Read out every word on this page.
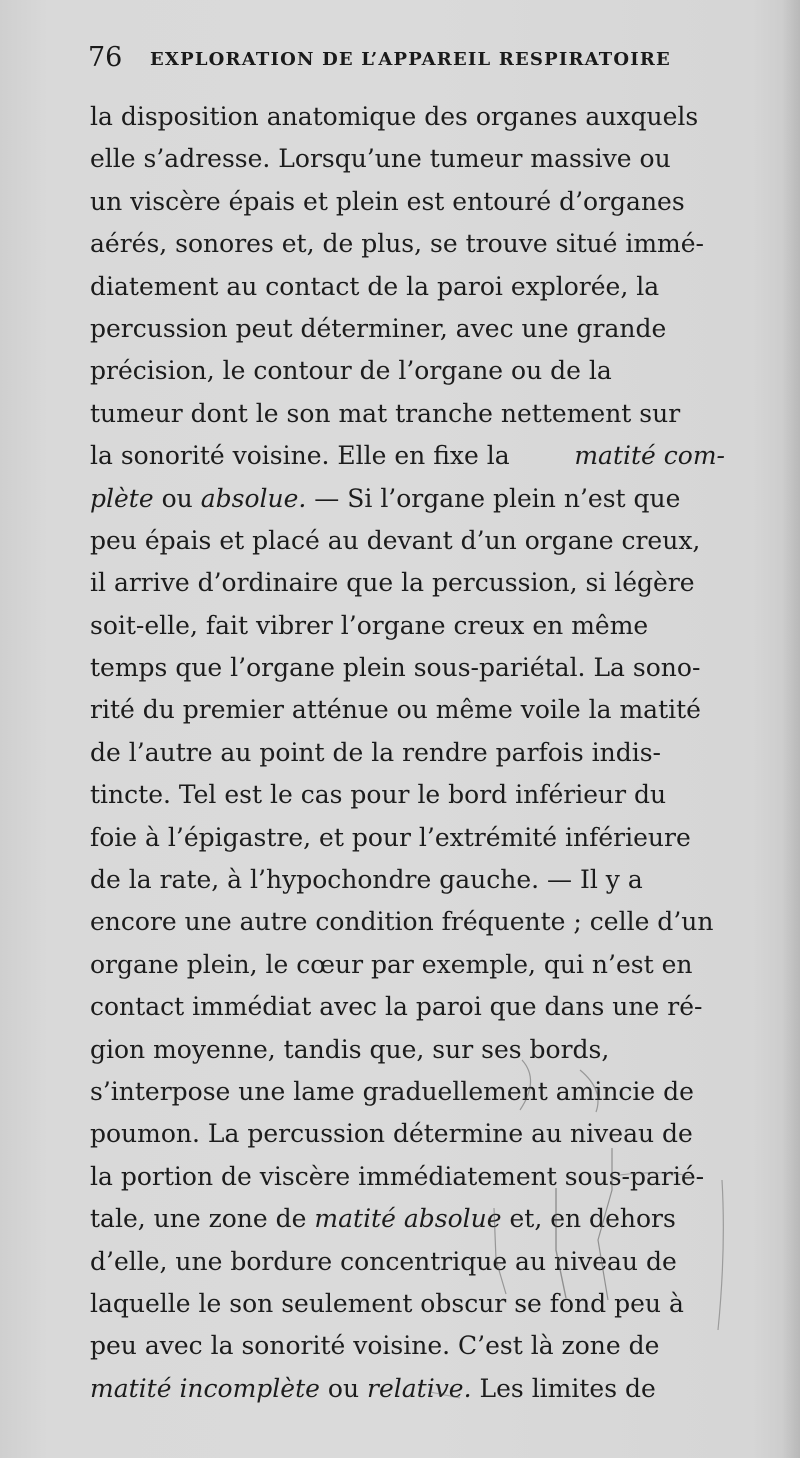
76 EXPLORATION DE L’APPAREIL RESPIRATOIRE
la disposition anatomique des organes auxquels
elle s’adresse. Lorsqu’une tumeur massive ou
un viscère épais et plein est entouré d’organes
aérés, sonores et, de plus, se trouve situé immé-
diatement au contact de la paroi explorée, la
percussion peut déterminer, avec une grande
précision, le contour de l’organe ou de la
tumeur dont le son mat tranche nettement sur
la sonorité voisine. Elle en fixe la	matité com-
plète
ou
absolue.
— Si l’organe plein n’est que
peu épais et placé au devant d’un organe creux,
il arrive d’ordinaire que la percussion, si légère
soit-elle, fait vibrer l’organe creux en même
temps que l’organe plein sous-pariétal. La sono-
rité du premier atténue ou même voile la matité
de l’autre au point de la rendre parfois indis-
tincte. Tel est le cas pour le bord inférieur du
foie à l’épigastre, et pour l’extrémité inférieure
de la rate, à l’hypochondre gauche. — Il y a
encore une autre condition fréquente ; celle d’un
organe plein, le cœur par exemple, qui n’est en
contact immédiat avec la paroi que dans une ré-
gion moyenne, tandis que, sur ses bords,
s’interpose une lame graduellement amincie de
poumon. La percussion détermine au niveau de
la portion de viscère immédiatement sous-parié-
tale, une zone de
matité absolue
et, en dehors
d’elle, une bordure concentrique au niveau de
laquelle le son seulement obscur se fond peu à
peu avec la sonorité voisine. C’est là zone de
matité incomplète
ou
relative.
Les limites de
